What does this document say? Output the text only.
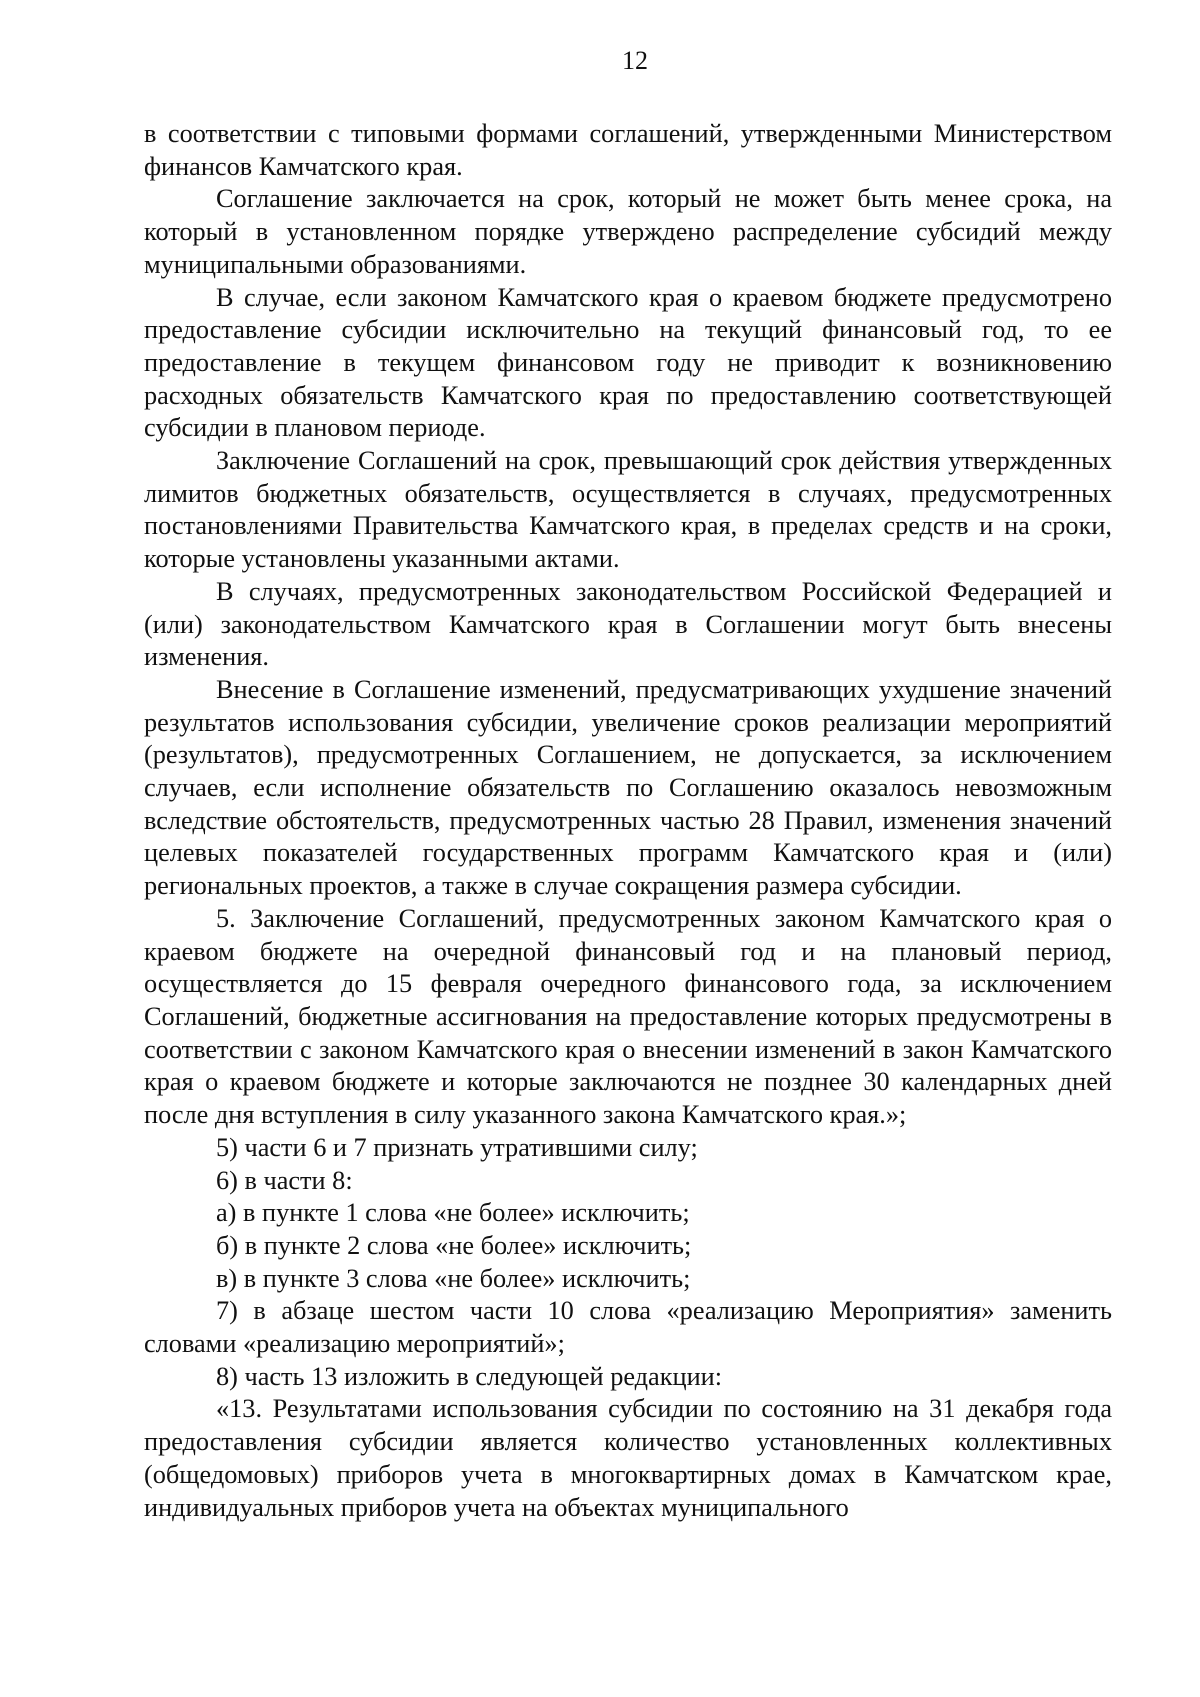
12

в соответствии с типовыми формами соглашений, утвержденными Министерством финансов Камчатского края.

Соглашение заключается на срок, который не может быть менее срока, на который в установленном порядке утверждено распределение субсидий между муниципальными образованиями.

В случае, если законом Камчатского края о краевом бюджете предусмотрено предоставление субсидии исключительно на текущий финансовый год, то ее предоставление в текущем финансовом году не приводит к возникновению расходных обязательств Камчатского края по предоставлению соответствующей субсидии в плановом периоде.

Заключение Соглашений на срок, превышающий срок действия утвержденных лимитов бюджетных обязательств, осуществляется в случаях, предусмотренных постановлениями Правительства Камчатского края, в пределах средств и на сроки, которые установлены указанными актами.

В случаях, предусмотренных законодательством Российской Федерацией и (или) законодательством Камчатского края в Соглашении могут быть внесены изменения.

Внесение в Соглашение изменений, предусматривающих ухудшение значений результатов использования субсидии, увеличение сроков реализации мероприятий (результатов), предусмотренных Соглашением, не допускается, за исключением случаев, если исполнение обязательств по Соглашению оказалось невозможным вследствие обстоятельств, предусмотренных частью 28 Правил, изменения значений целевых показателей государственных программ Камчатского края и (или) региональных проектов, а также в случае сокращения размера субсидии.

5. Заключение Соглашений, предусмотренных законом Камчатского края о краевом бюджете на очередной финансовый год и на плановый период, осуществляется до 15 февраля очередного финансового года, за исключением Соглашений, бюджетные ассигнования на предоставление которых предусмотрены в соответствии с законом Камчатского края о внесении изменений в закон Камчатского края о краевом бюджете и которые заключаются не позднее 30 календарных дней после дня вступления в силу указанного закона Камчатского края.»;

5) части 6 и 7 признать утратившими силу;

6) в части 8:

а) в пункте 1 слова «не более» исключить;

б) в пункте 2 слова «не более» исключить;

в) в пункте 3 слова «не более» исключить;

7) в абзаце шестом части 10 слова «реализацию Мероприятия» заменить словами «реализацию мероприятий»;

8) часть 13 изложить в следующей редакции:

«13. Результатами использования субсидии по состоянию на 31 декабря года предоставления субсидии является количество установленных коллективных (общедомовых) приборов учета в многоквартирных домах в Камчатском крае, индивидуальных приборов учета на объектах муниципального
